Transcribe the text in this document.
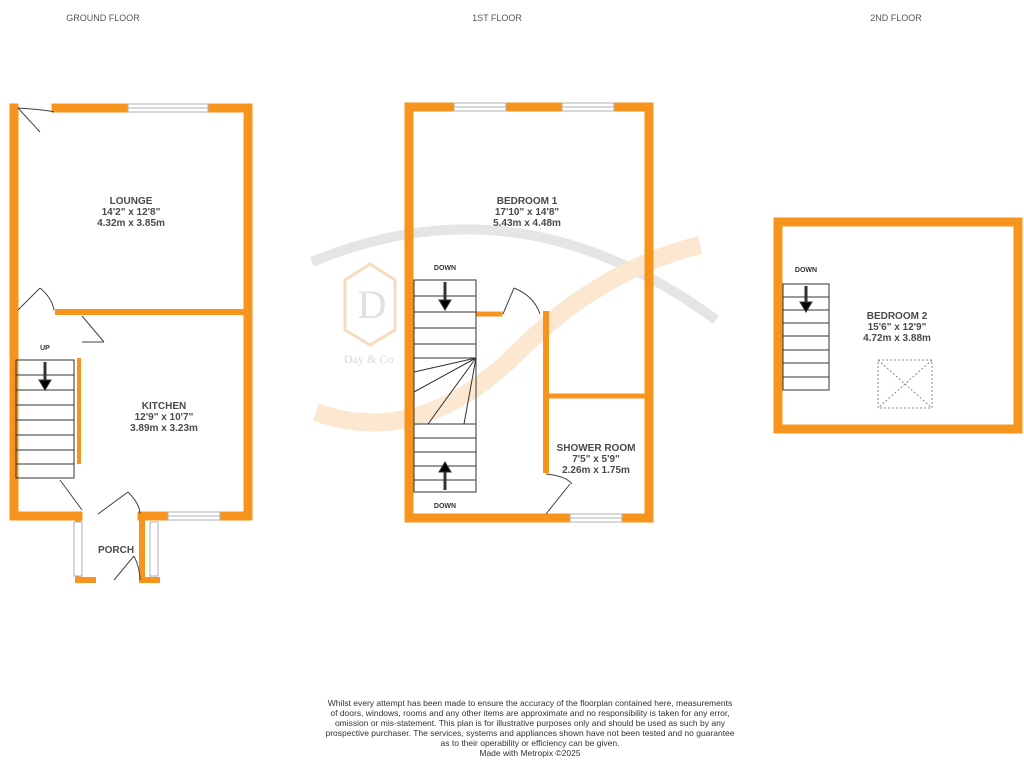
GROUND FLOOR	1ST FLOOR	2ND FLOOR
D
Day & Co
UP
LOUNGE
14'2" x 12'8"
4.32m x 3.85m
KITCHEN
12'9" x 10'7"
3.89m x 3.23m
PORCH
DOWN
DOWN
BEDROOM 1
17'10" x 14'8"
5.43m x 4.48m
SHOWER ROOM
7'5" x 5'9"
2.26m x 1.75m
DOWN
BEDROOM 2
15'6" x 12'9"
4.72m x 3.88m
Whilst every attempt has been made to ensure the accuracy of the floorplan contained here, measurements
of doors, windows, rooms and any other items are approximate and no responsibility is taken for any error,
omission or mis-statement. This plan is for illustrative purposes only and should be used as such by any
prospective purchaser. The services, systems and appliances shown have not been tested and no guarantee
as to their operability or efficiency can be given.
Made with Metropix ©2025
